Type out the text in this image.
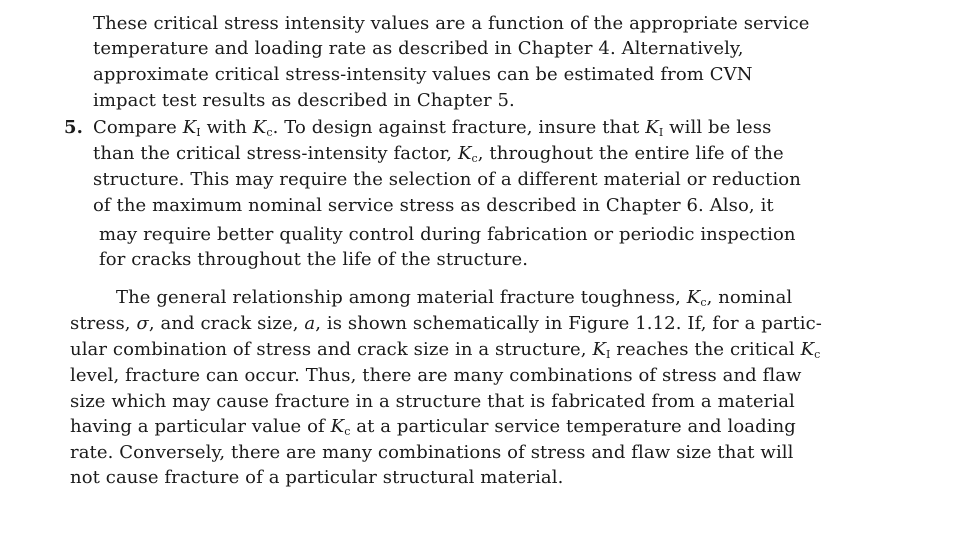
These critical stress intensity values are a function of the appropriate service
temperature and loading rate as described in Chapter 4. Alternatively,
approximate critical stress-intensity values can be estimated from CVN
impact test results as described in Chapter 5.
5. Compare $K_I$ with $K_c$. To design against fracture, insure that $K_I$ will be less
than the critical stress-intensity factor, $K_c$, throughout the entire life of the
structure. This may require the selection of a different material or reduction
of the maximum nominal service stress as described in Chapter 6. Also, it
may require better quality control during fabrication or periodic inspection
for cracks throughout the life of the structure.
The general relationship among material fracture toughness, $K_c$, nominal
stress, σ, and crack size, a, is shown schematically in Figure 1.12. If, for a partic-
ular combination of stress and crack size in a structure, $K_I$ reaches the critical $K_c$
level, fracture can occur. Thus, there are many combinations of stress and flaw
size which may cause fracture in a structure that is fabricated from a material
having a particular value of $K_c$ at a particular service temperature and loading
rate. Conversely, there are many combinations of stress and flaw size that will
not cause fracture of a particular structural material.
